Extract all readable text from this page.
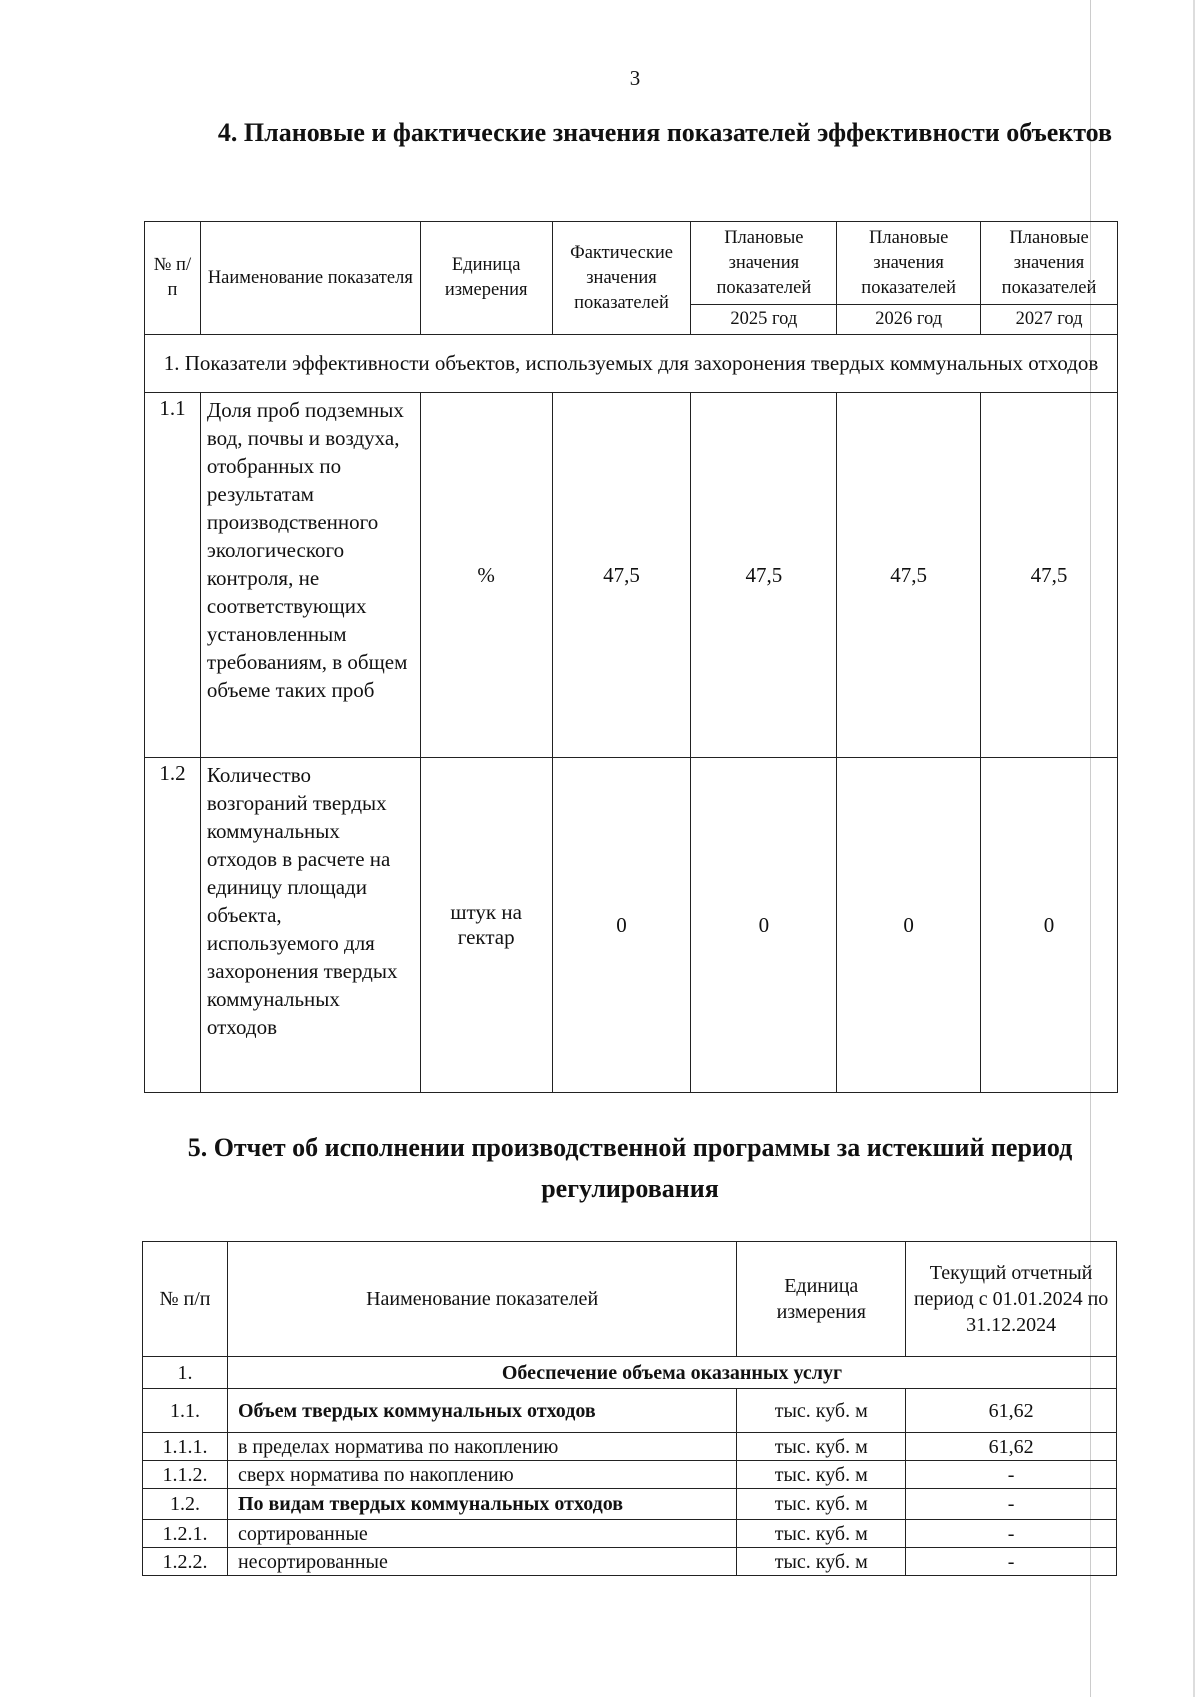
3
4. Плановые и фактические значения показателей эффективности объектов
№ п/п	Наименование показателя	Единица измерения	Фактические значения показателей	Плановые значения показателей	Плановые значения показателей	Плановые значения показателей
				2025 год	2026 год	2027 год
1. Показатели эффективности объектов, используемых для захоронения твердых коммунальных отходов						
1.1	Доля проб подземных вод, почвы и воздуха, отобранных по результатам производственного экологического контроля, не соответствующих установленным требованиям, в общем объеме таких проб	%	47,5	47,5	47,5	47,5
1.2	Количество возгораний твердых коммунальных отходов в расчете на единицу площади объекта, используемого для захоронения твердых коммунальных отходов	штук на гектар	0	0	0	0
5. Отчет об исполнении производственной программы за истекший период регулирования
№ п/п	Наименование показателей	Единица измерения	Текущий отчетный период с 01.01.2024 по 31.12.2024
1.	Обеспечение объема оказанных услуг		
1.1.	Объем твердых коммунальных отходов	тыс. куб. м	61,62
1.1.1.	в пределах норматива по накоплению	тыс. куб. м	61,62
1.1.2.	сверх норматива по накоплению	тыс. куб. м	-
1.2.	По видам твердых коммунальных отходов	тыс. куб. м	-
1.2.1.	сортированные	тыс. куб. м	-
1.2.2.	несортированные	тыс. куб. м	-
